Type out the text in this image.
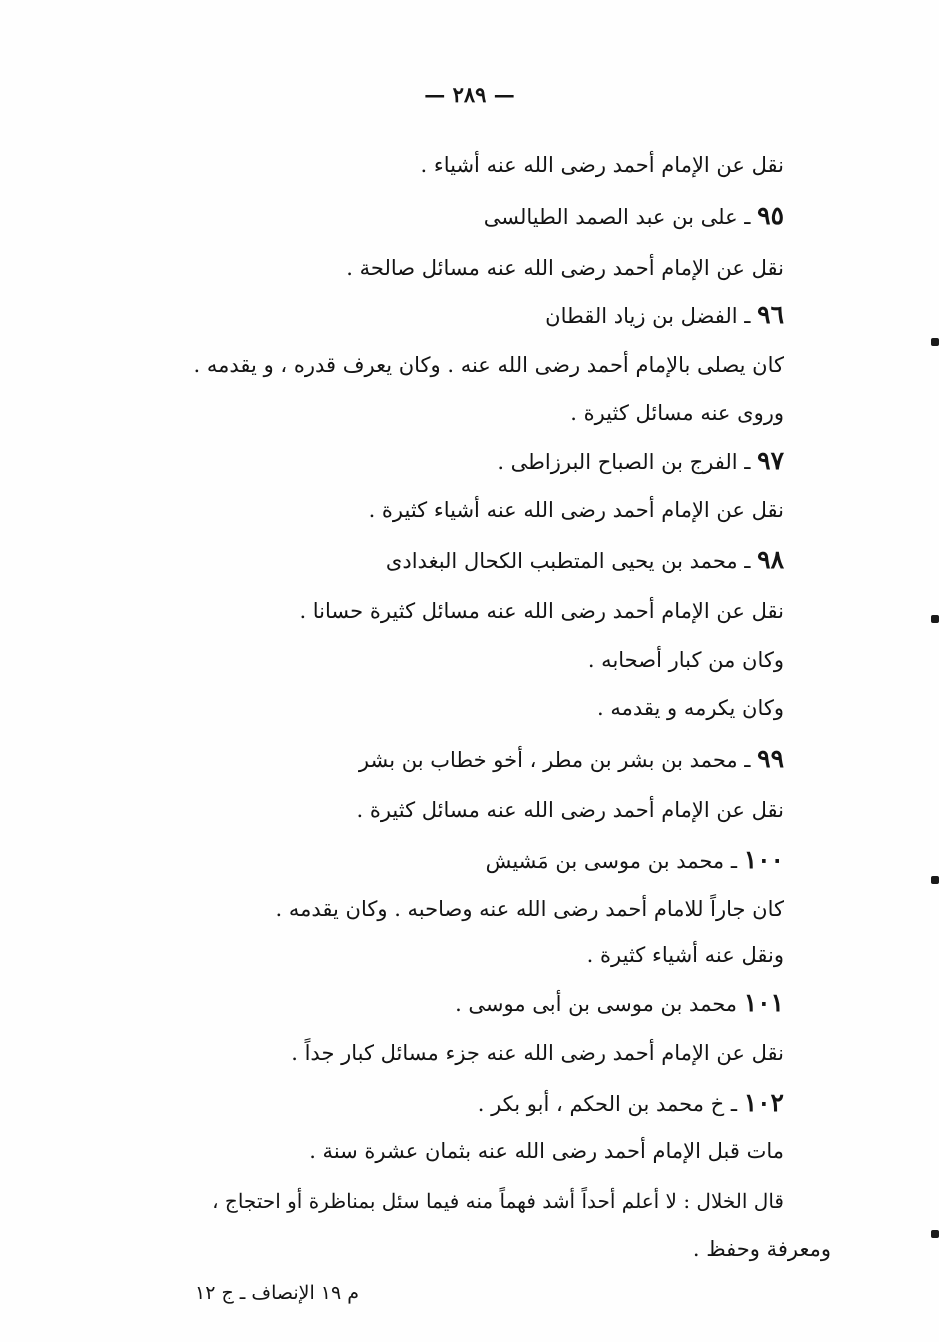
— ٢٨٩ —
نقل عن الإمام أحمد رضى الله عنه أشياء .
٩٥ ـ على بن عبد الصمد الطيالسى
نقل عن الإمام أحمد رضى الله عنه مسائل صالحة .
٩٦ ـ الفضل بن زياد القطان
كان يصلى بالإمام أحمد رضى الله عنه . وكان يعرف قدره ، و يقدمه .
وروى عنه مسائل كثيرة .
٩٧ ـ الفرج بن الصباح البرزاطى .
نقل عن الإمام أحمد رضى الله عنه أشياء كثيرة .
٩٨ ـ محمد بن يحيى المتطبب الكحال البغدادى
نقل عن الإمام أحمد رضى الله عنه مسائل كثيرة حسانا .
وكان من كبار أصحابه .
وكان يكرمه و يقدمه .
٩٩ ـ محمد بن بشر بن مطر ، أخو خطاب بن بشر
نقل عن الإمام أحمد رضى الله عنه مسائل كثيرة .
١٠٠ ـ محمد بن موسى بن مَشيش
كان جاراً للامام أحمد رضى الله عنه وصاحبه . وكان يقدمه .
ونقل عنه أشياء كثيرة .
١٠١ محمد بن موسى بن أبى موسى .
نقل عن الإمام أحمد رضى الله عنه جزء مسائل كبار جداً .
١٠٢ ـ خ محمد بن الحكم ، أبو بكر .
مات قبل الإمام أحمد رضى الله عنه بثمان عشرة سنة .
قال الخلال : لا أعلم أحداً أشد فهماً منه فيما سئل بمناظرة أو احتجاج ،
ومعرفة وحفظ .
م ١٩ الإنصاف ـ ج ١٢
